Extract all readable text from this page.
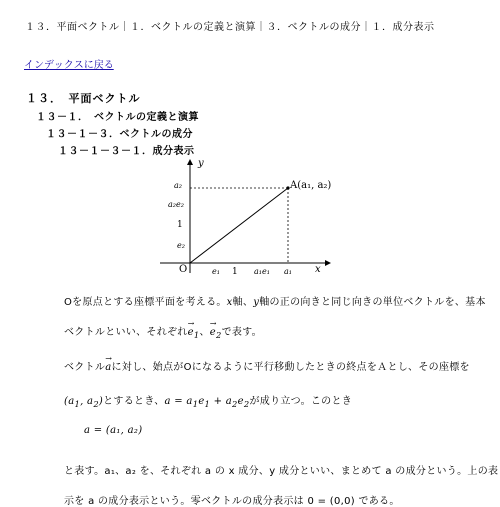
１３．平面ベクトル｜１．ベクトルの定義と演算｜３．ベクトルの成分｜１．成分表示
インデックスに戻る
１３．　平面ベクトル
１３－１．　ベクトルの定義と演算
１３－１－３．ベクトルの成分
１３－１－３－１．成分表示
y
x
O
A(a₁, a₂)
a₂
a₂e₂
1
e₂
e₁ 1 a₁e₁ a₁
Oを原点とする座標平面を考える。x軸、y軸の正の向きと同じ向きの単位ベクトルを、基本
ベクトルといい、それぞれ→ $e_1$、→ $e_2$で表す。
ベクトル→ aに対し、始点がOになるように平行移動したときの終点をＡとし、その座標を
($a_1$, $a_2$)とするとき、$a = a_1e_1 + a_2e_2$が成り立つ。このとき
a = (a₁, a₂)
と表す。a₁、a₂ を、それぞれ a の x 成分、y 成分といい、まとめて a の成分という。上の表
示を a の成分表示という。零ベクトルの成分表示は 0 = (0,0) である。
